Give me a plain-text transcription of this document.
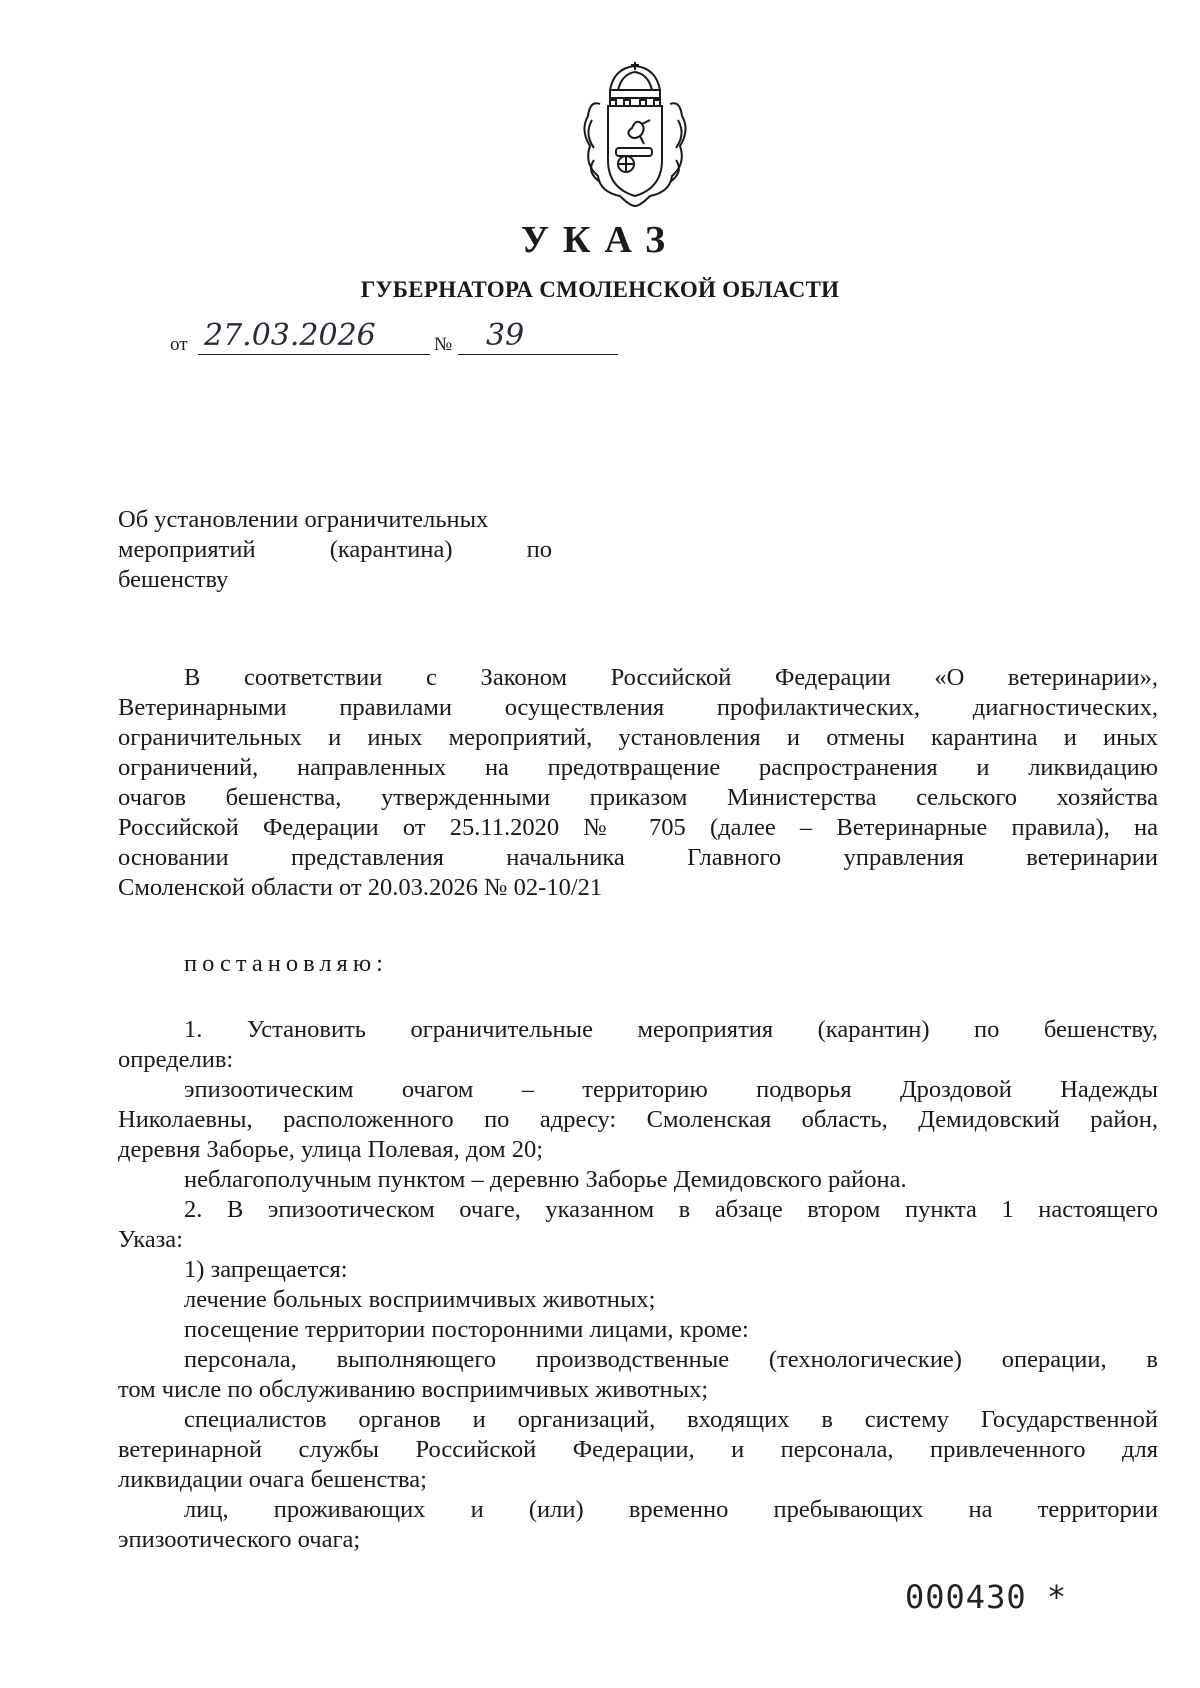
УКАЗ
ГУБЕРНАТОРА СМОЛЕНСКОЙ ОБЛАСТИ
от 27.03.2026	№ 39
Об установлении ограничительных
мероприятий	(карантина)	по
бешенству
В соответствии с Законом Российской Федерации «О ветеринарии»,
Ветеринарными правилами осуществления профилактических, диагностических,
ограничительных и иных мероприятий, установления и отмены карантина и иных
ограничений, направленных на предотвращение распространения и ликвидацию
очагов бешенства, утвержденными приказом Министерства сельского хозяйства
Российской Федерации от 25.11.2020 № 705 (далее – Ветеринарные правила), на
основании представления начальника Главного управления ветеринарии
Смоленской области от 20.03.2026 № 02-10/21
постановляю:
1. Установить ограничительные мероприятия (карантин) по бешенству,
определив:
эпизоотическим очагом – территорию подворья Дроздовой Надежды
Николаевны, расположенного по адресу: Смоленская область, Демидовский район,
деревня Заборье, улица Полевая, дом 20;
неблагополучным пунктом – деревню Заборье Демидовского района.
2. В эпизоотическом очаге, указанном в абзаце втором пункта 1 настоящего
Указа:
1) запрещается:
лечение больных восприимчивых животных;
посещение территории посторонними лицами, кроме:
персонала, выполняющего производственные (технологические) операции, в
том числе по обслуживанию восприимчивых животных;
специалистов органов и организаций, входящих в систему Государственной
ветеринарной службы Российской Федерации, и персонала, привлеченного для
ликвидации очага бешенства;
лиц, проживающих и (или) временно пребывающих на территории
эпизоотического очага;
000430 *
